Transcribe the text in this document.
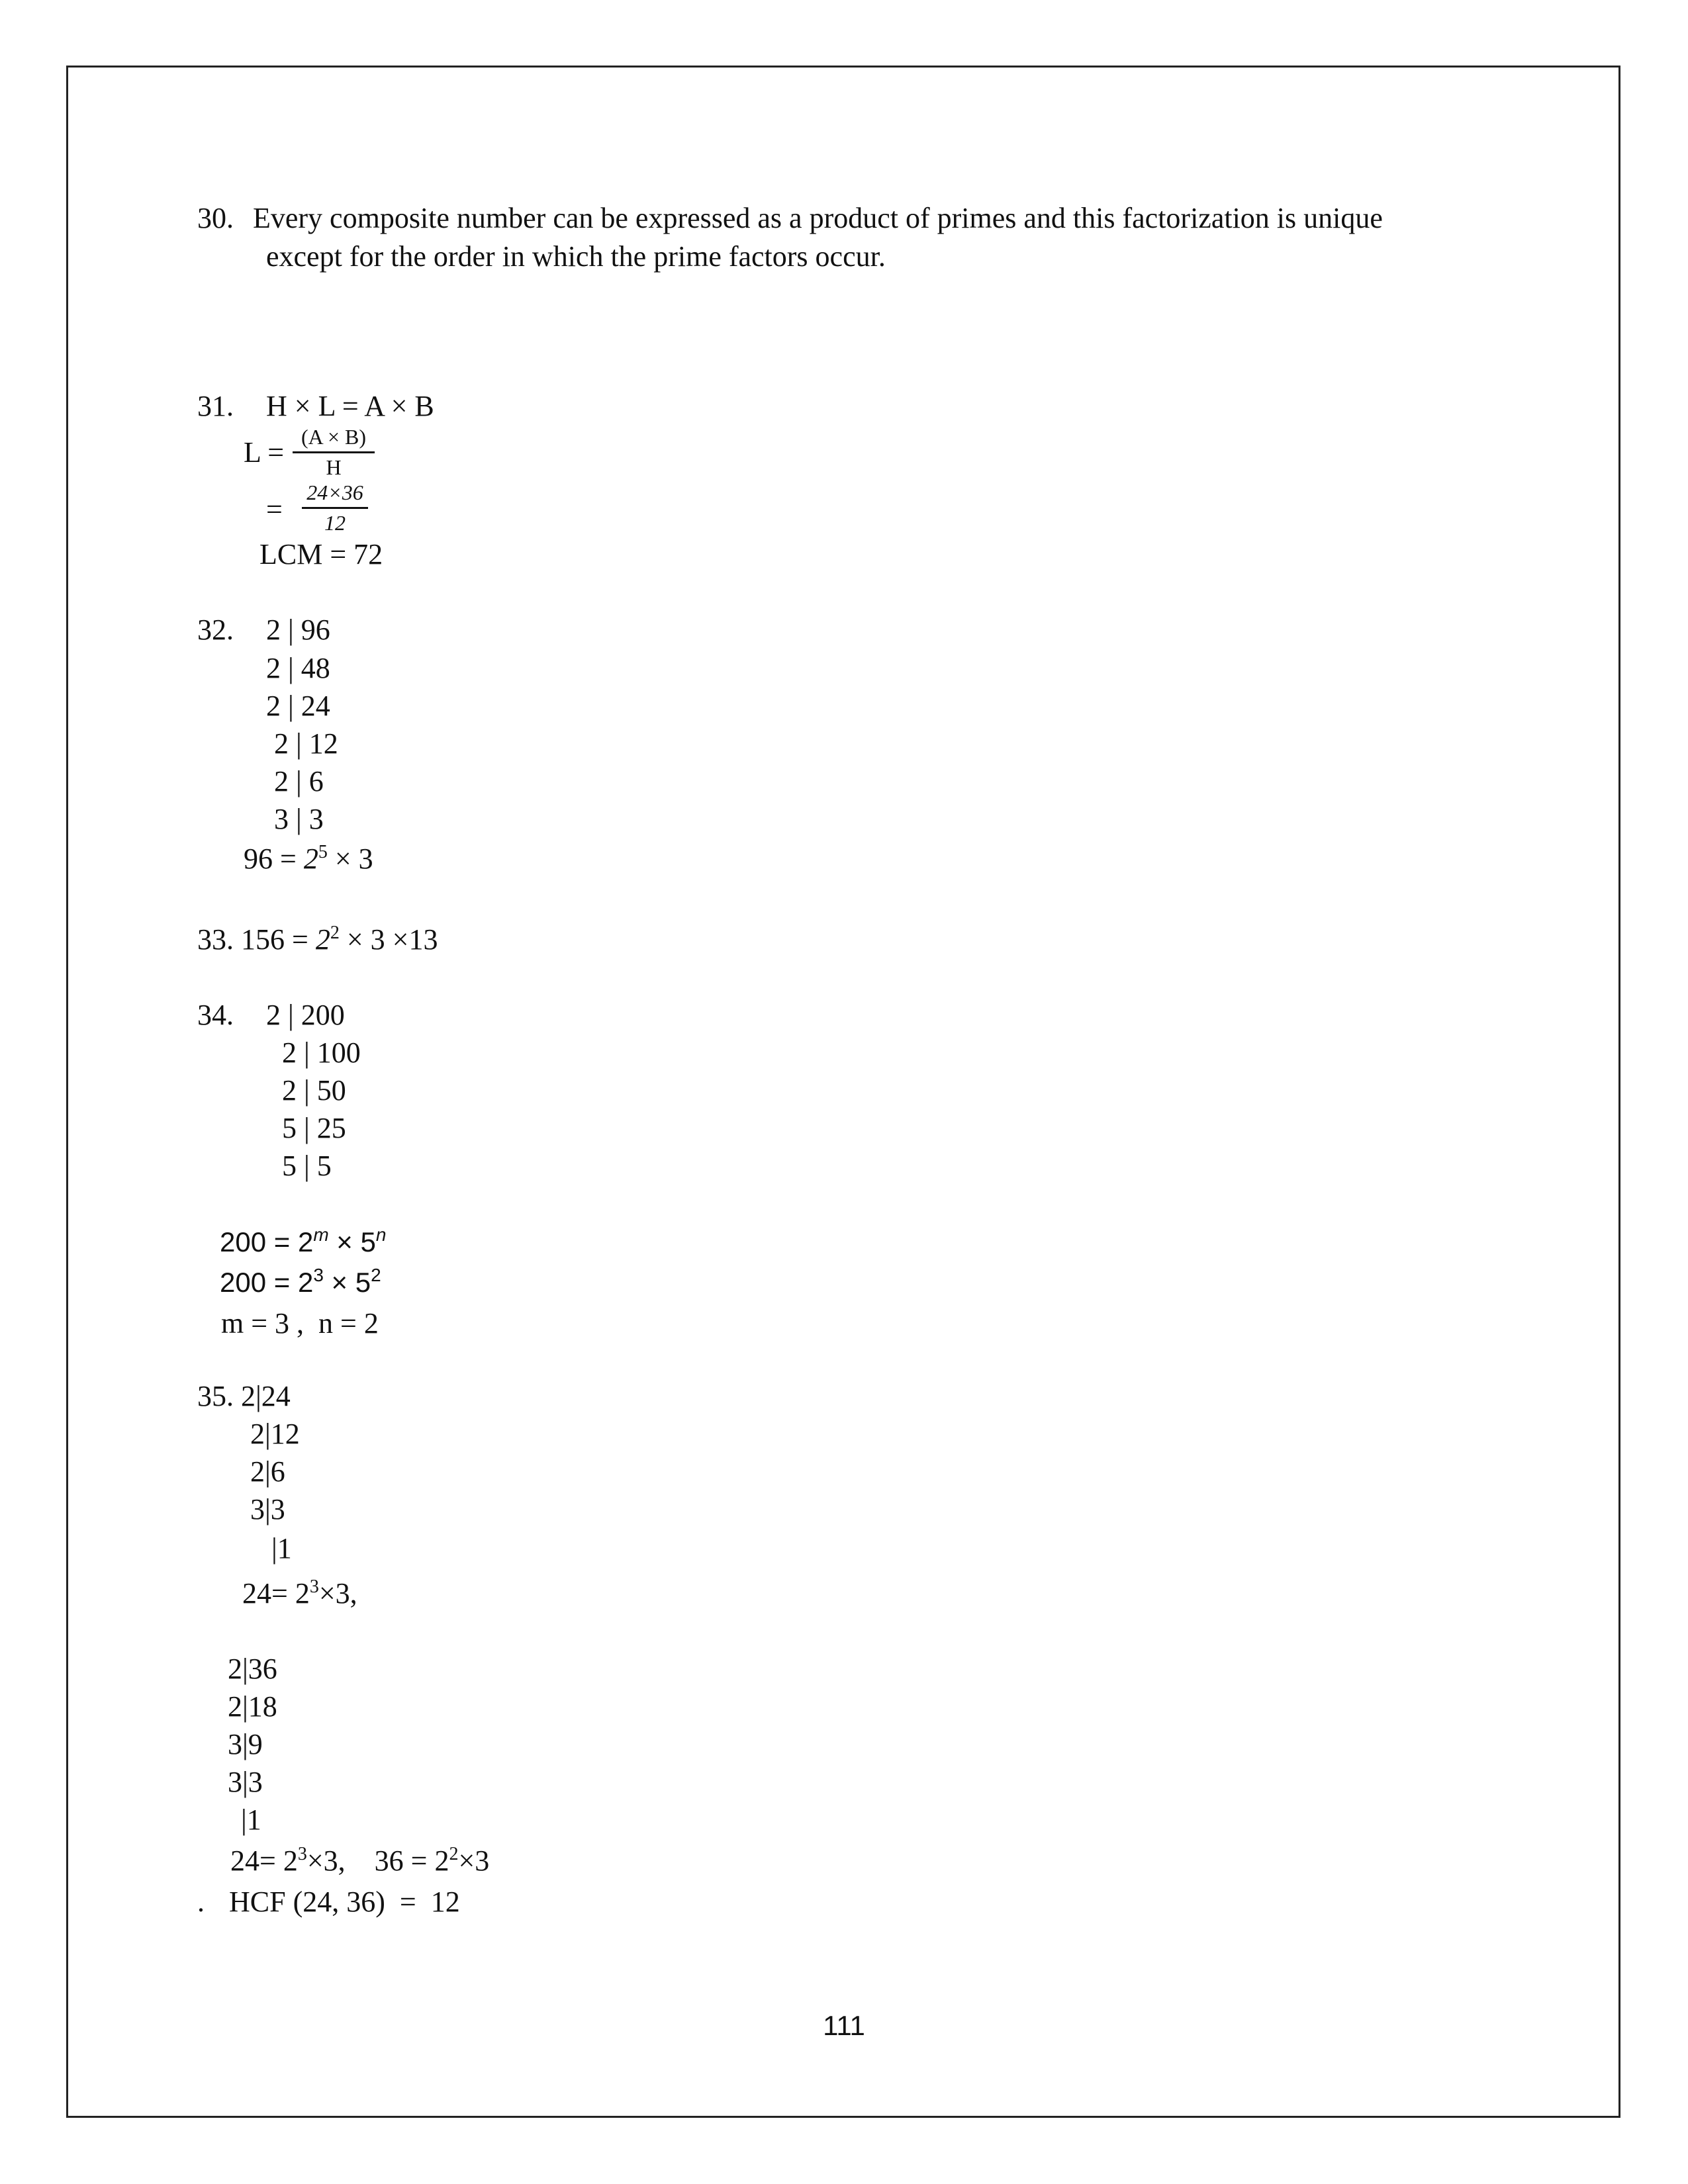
30. Every composite number can be expressed as a product of primes and this factorization is unique
except for the order in which the prime factors occur.
31. H × L = A × B
L = (A × B)
H
=
24×36
12
LCM = 72
32. 2 | 96
2 | 48
2 | 24
2 | 12
2 | 6
3 | 3
$96 = 2^5 \times 3$
33. $156 = 2^2 \times 3 \times 13$
34. 2 | 200
2 | 100
2 | 50
5 | 25
5 | 5
$200 = 2^m \times 5^n$
$200 = 2^3 \times 5^2$
m = 3 ,  n = 2
35. 2|24
2|12
2|6
3|3
|1
$24= 2^3\times 3$,
2|36
2|18
3|9
3|3
|1
$24= 2^3\times 3$, $36 = 2^2\times 3$
. HCF (24, 36)  =  12
111
